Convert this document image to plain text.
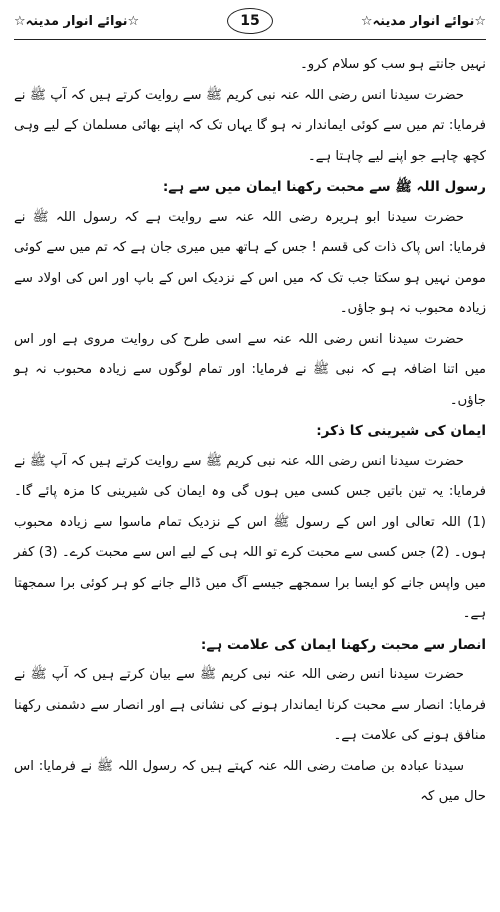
☆نوائے انوار مدینہ☆	15	☆نوائے انوار مدینہ☆

نہیں جانتے ہو سب کو سلام کرو۔

حضرت سیدنا انس رضی اللہ عنہ نبی کریم ﷺ سے روایت کرتے ہیں کہ آپ ﷺ نے فرمایا: تم میں سے کوئی ایماندار نہ ہو گا یہاں تک کہ اپنے بھائی مسلمان کے لیے وہی کچھ چاہے جو اپنے لیے چاہتا ہے۔

رسول اللہ ﷺ سے محبت رکھنا ایمان میں سے ہے:

حضرت سیدنا ابو ہریرہ رضی اللہ عنہ سے روایت ہے کہ رسول اللہ ﷺ نے فرمایا: اس پاک ذات کی قسم ! جس کے ہاتھ میں میری جان ہے کہ تم میں سے کوئی مومن نہیں ہو سکتا جب تک کہ میں اس کے نزدیک اس کے باپ اور اس کی اولاد سے زیادہ محبوب نہ ہو جاؤں۔

حضرت سیدنا انس رضی اللہ عنہ سے اسی طرح کی روایت مروی ہے اور اس میں اتنا اضافہ ہے کہ نبی ﷺ نے فرمایا: اور تمام لوگوں سے زیادہ محبوب نہ ہو جاؤں۔

ایمان کی شیرینی کا ذکر:

حضرت سیدنا انس رضی اللہ عنہ نبی کریم ﷺ سے روایت کرتے ہیں کہ آپ ﷺ نے فرمایا: یہ تین باتیں جس کسی میں ہوں گی وہ ایمان کی شیرینی کا مزہ پائے گا۔ (1) اللہ تعالی اور اس کے رسول ﷺ اس کے نزدیک تمام ماسوا سے زیادہ محبوب ہوں۔ (2) جس کسی سے محبت کرے تو اللہ ہی کے لیے اس سے محبت کرے۔ (3) کفر میں واپس جانے کو ایسا برا سمجھے جیسے آگ میں ڈالے جانے کو ہر کوئی برا سمجھتا ہے۔

انصار سے محبت رکھنا ایمان کی علامت ہے:

حضرت سیدنا انس رضی اللہ عنہ نبی کریم ﷺ سے بیان کرتے ہیں کہ آپ ﷺ نے فرمایا: انصار سے محبت کرنا ایماندار ہونے کی نشانی ہے اور انصار سے دشمنی رکھنا منافق ہونے کی علامت ہے۔

سیدنا عبادہ بن صامت رضی اللہ عنہ کہتے ہیں کہ رسول اللہ ﷺ نے فرمایا: اس حال میں کہ
